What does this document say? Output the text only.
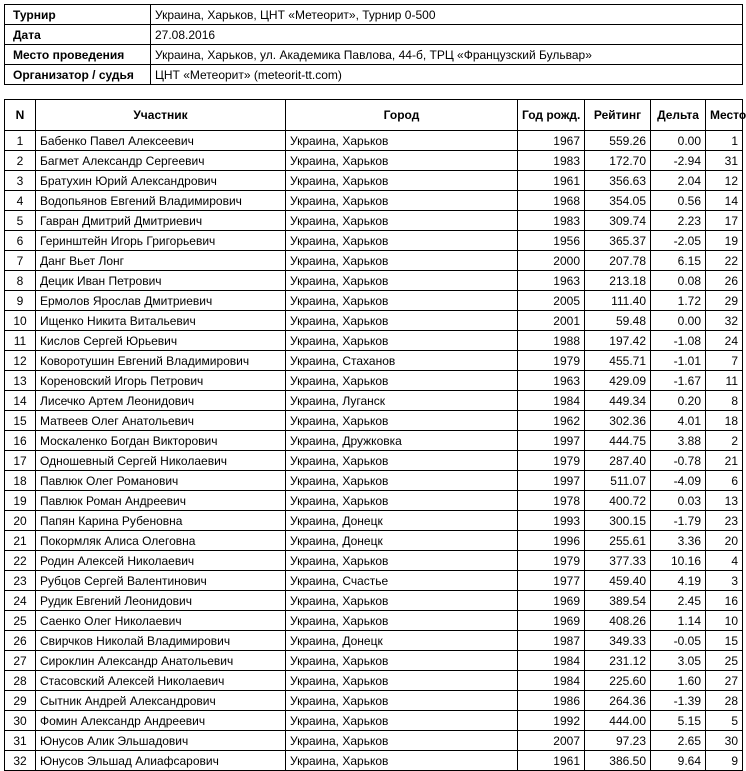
Турнир	Украина, Харьков, ЦНТ «Метеорит», Турнир 0-500
Дата	27.08.2016
Место проведения	Украина, Харьков, ул. Академика Павлова, 44-б, ТРЦ «Французский Бульвар»
Организатор / судья	ЦНТ «Метеорит» (meteorit-tt.com)
N	Участник	Город	Год рожд.	Рейтинг	Дельта	Место
1	Бабенко Павел Алексеевич	Украина, Харьков	1967	559.26	0.00	1
2	Багмет Александр Сергеевич	Украина, Харьков	1983	172.70	-2.94	31
3	Братухин Юрий Александрович	Украина, Харьков	1961	356.63	2.04	12
4	Водопьянов Евгений Владимирович	Украина, Харьков	1968	354.05	0.56	14
5	Гавран Дмитрий Дмитриевич	Украина, Харьков	1983	309.74	2.23	17
6	Геринштейн Игорь Григорьевич	Украина, Харьков	1956	365.37	-2.05	19
7	Данг Вьет Лонг	Украина, Харьков	2000	207.78	6.15	22
8	Децик Иван Петрович	Украина, Харьков	1963	213.18	0.08	26
9	Ермолов Ярослав Дмитриевич	Украина, Харьков	2005	111.40	1.72	29
10	Ищенко Никита Витальевич	Украина, Харьков	2001	59.48	0.00	32
11	Кислов Сергей Юрьевич	Украина, Харьков	1988	197.42	-1.08	24
12	Коворотушин Евгений Владимирович	Украина, Стаханов	1979	455.71	-1.01	7
13	Кореновский Игорь Петрович	Украина, Харьков	1963	429.09	-1.67	11
14	Лисечко Артем Леонидович	Украина, Луганск	1984	449.34	0.20	8
15	Матвеев Олег Анатольевич	Украина, Харьков	1962	302.36	4.01	18
16	Москаленко Богдан Викторович	Украина, Дружковка	1997	444.75	3.88	2
17	Одношевный Сергей Николаевич	Украина, Харьков	1979	287.40	-0.78	21
18	Павлюк Олег Романович	Украина, Харьков	1997	511.07	-4.09	6
19	Павлюк Роман Андреевич	Украина, Харьков	1978	400.72	0.03	13
20	Папян Карина Рубеновна	Украина, Донецк	1993	300.15	-1.79	23
21	Покормляк Алиса Олеговна	Украина, Донецк	1996	255.61	3.36	20
22	Родин Алексей Николаевич	Украина, Харьков	1979	377.33	10.16	4
23	Рубцов Сергей Валентинович	Украина, Счастье	1977	459.40	4.19	3
24	Рудик Евгений Леонидович	Украина, Харьков	1969	389.54	2.45	16
25	Саенко Олег Николаевич	Украина, Харьков	1969	408.26	1.14	10
26	Свирчков Николай Владимирович	Украина, Донецк	1987	349.33	-0.05	15
27	Сироклин Александр Анатольевич	Украина, Харьков	1984	231.12	3.05	25
28	Стасовский Алексей Николаевич	Украина, Харьков	1984	225.60	1.60	27
29	Сытник Андрей Александрович	Украина, Харьков	1986	264.36	-1.39	28
30	Фомин Александр Андреевич	Украина, Харьков	1992	444.00	5.15	5
31	Юнусов Алик Эльшадович	Украина, Харьков	2007	97.23	2.65	30
32	Юнусов Эльшад Алиафсарович	Украина, Харьков	1961	386.50	9.64	9
